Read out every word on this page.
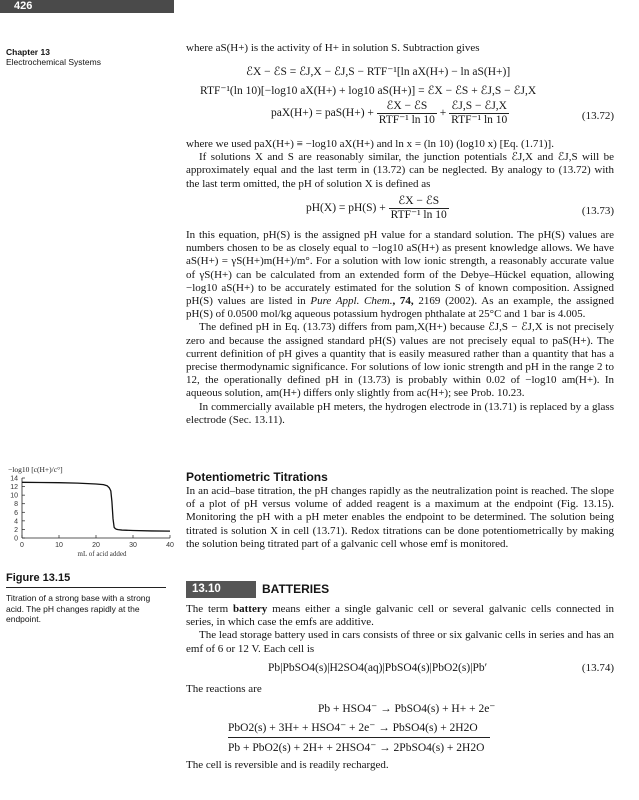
426
Chapter 13
Electrochemical Systems

where aS(H+) is the activity of H+ in solution S. Subtraction gives

ℰX − ℰS = ℰJ,X − ℰJ,S − RTF⁻¹[ln aX(H+) − ln aS(H+)]
RTF⁻¹(ln 10)[−log10 aX(H+) + log10 aS(H+)] = ℰX − ℰS + ℰJ,S − ℰJ,X
$paX(H+) = paS(H+) + \frac{\text{ℰX − ℰS}}{\text{RTF⁻¹ ln 10}} + \frac{\text{ℰJ,S − ℰJ,X}}{\text{RTF⁻¹ ln 10}}$	(13.72)

where we used paX(H+) ≡ −log10 aX(H+) and ln x = (ln 10) (log10 x) [Eq. (1.71)].

If solutions X and S are reasonably similar, the junction potentials ℰJ,X and ℰJ,S will be approximately equal and the last term in (13.72) can be neglected. By analogy to (13.72) with the last term omitted, the pH of solution X is defined as

$pH(X) = pH(S) + \frac{\text{ℰX − ℰS}}{\text{RTF⁻¹ ln 10}}$	(13.73)

In this equation, pH(S) is the assigned pH value for a standard solution. The pH(S) values are numbers chosen to be as closely equal to −log10 aS(H+) as present knowledge allows. We have aS(H+) = γS(H+)m(H+)/m°. For a solution with low ionic strength, a reasonably accurate value of γS(H+) can be calculated from an extended form of the Debye–Hückel equation, allowing −log10 aS(H+) to be accurately estimated for the solution S of known composition. Assigned pH(S) values are listed in Pure Appl. Chem., 74, 2169 (2002). As an example, the assigned pH(S) of 0.0500 mol/kg aqueous potassium hydrogen phthalate at 25°C and 1 bar is 4.005.

The defined pH in Eq. (13.73) differs from pam,X(H+) because ℰJ,S − ℰJ,X is not precisely zero and because the assigned standard pH(S) values are not precisely equal to paS(H+). The current definition of pH gives a quantity that is easily measured rather than a quantity that has a precise thermodynamic significance. For solutions of low ionic strength and pH in the range 2 to 12, the operationally defined pH in (13.73) is probably within 0.02 of −log10 am(H+). In aqueous solution, am(H+) differs only slightly from ac(H+); see Prob. 10.23.

In commercially available pH meters, the hydrogen electrode in (13.71) is replaced by a glass electrode (Sec. 13.11).

Potentiometric Titrations

In an acid–base titration, the pH changes rapidly as the neutralization point is reached. The slope of a plot of pH versus volume of added reagent is a maximum at the endpoint (Fig. 13.15). Monitoring the pH with a pH meter enables the endpoint to be determined. The solution being titrated is solution X in cell (13.71). Redox titrations can be done potentiometrically by making the solution being titrated part of a galvanic cell whose emf is monitored.

−log10 [c(H+)/c°]
0
2
4
6
8
10
12
14
0	10	20	30	40
mL of acid added
Figure 13.15
Titration of a strong base with a strong acid. The pH changes rapidly at the endpoint.
13.10	BATTERIES

The term battery means either a single galvanic cell or several galvanic cells connected in series, in which case the emfs are additive.

The lead storage battery used in cars consists of three or six galvanic cells in series and has an emf of 6 or 12 V. Each cell is

Pb|PbSO4(s)|H2SO4(aq)|PbSO4(s)|PbO2(s)|Pb′	(13.74)

The reactions are

Pb + HSO4⁻ → PbSO4(s) + H+ + 2e⁻
PbO2(s) + 3H+ + HSO4⁻ + 2e⁻ → PbSO4(s) + 2H2O
Pb + PbO2(s) + 2H+ + 2HSO4⁻ → 2PbSO4(s) + 2H2O

The cell is reversible and is readily recharged.
